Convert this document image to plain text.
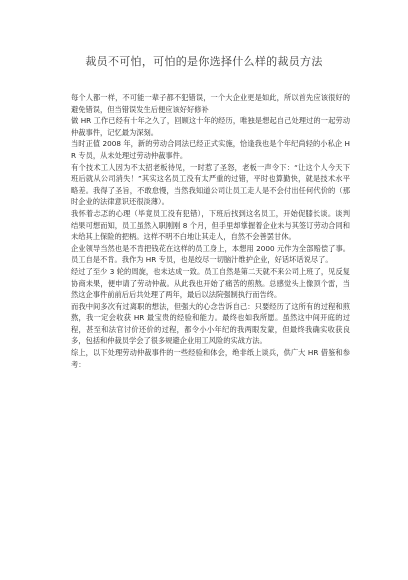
裁员不可怕，可怕的是你选择什么样的裁员方法

每个人都一样，不可能一辈子都不犯错误，一个大企业更是如此，所以首先应该很好的避免错误，但当错误发生后便应该好好修补

做 HR 工作已经有十年之久了，回顾这十年的经历，唯独是想起自己处理过的一起劳动仲裁事件，记忆最为深刻。

当时正值 2008 年，新的劳动合同法已经正式实施，恰逢我也是个年纪尚轻的小私企 HR 专员，从未处理过劳动仲裁事件。

有个技术工人因为不太招老板待见，一时惹了圣怒，老板一声令下：“让这个人今天下班后就从公司消失！”其实这名员工没有太严重的过错，平时也算勤快，就是技术水平略差。我得了圣旨，不敢怠慢，当然我知道公司让员工走人是不会付出任何代价的（那时企业的法律意识还很淡薄）。

我怀着忐忑的心理（毕竟员工没有犯错），下班后找到这名员工，开始促膝长谈。谈判结果可想而知，员工虽然入职刚刚 8 个月，但手里却掌握着企业未与其签订劳动合同和未给其上保险的把柄。这样不明不白地让其走人，自然不会善罢甘休。

企业领导当然也是不肯把钱花在这样的员工身上，本想用 2000 元作为全部赔偿了事。员工自是不肯。我作为 HR 专员，也是绞尽一切脑汁维护企业，好话坏话说尽了。

经过了至少 3 轮的周旋，也未达成一致。员工自然是第二天就不来公司上班了，见反复协商未果，便申请了劳动仲裁。从此我也开始了痛苦的煎熬。总感觉头上像顶个雷，当然这企事件前前后后共处理了两年，最后以法院强制执行而告终。

而我中间多次有过离职的想法，但强大的心念告诉自己：只要经历了这所有的过程和煎熬，我一定会收获 HR 最宝贵的经验和能力。最终也如我所愿。虽然这中间开庭的过程，甚至和法官讨价还价的过程，都令小小年纪的我两眼发蒙，但最终我确实收获良多，包括和仲裁员学会了很多规避企业用工风险的实战方法。

综上，以下处理劳动仲裁事件的一些经验和体会，绝非纸上谈兵，供广大 HR 借鉴和参考：
